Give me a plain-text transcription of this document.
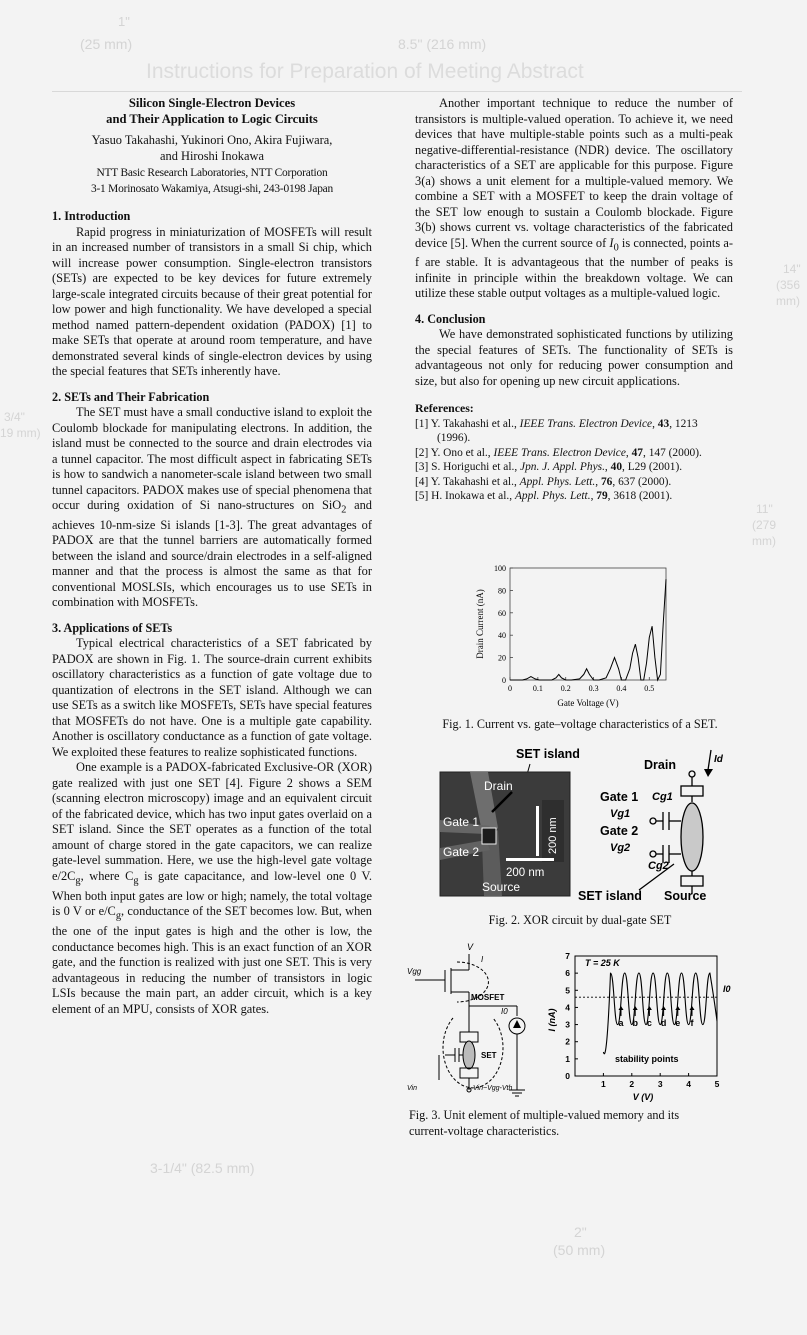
1"
(25 mm)	8.5" (216 mm)
Instructions for Preparation of Meeting Abstract
14"
(356
mm)
3/4"
19 mm)
11"
(279
mm)
3-1/4" (82.5 mm)
2"
(50 mm)
Silicon Single-Electron Devices
and Their Application to Logic Circuits

Yasuo Takahashi, Yukinori Ono, Akira Fujiwara,

and Hiroshi Inokawa

NTT Basic Research Laboratories, NTT Corporation

3-1 Morinosato Wakamiya, Atsugi-shi, 243-0198 Japan

1. Introduction

Rapid progress in miniaturization of MOSFETs will result in an increased number of transistors in a small Si chip, which will increase power consumption. Single-electron transistors (SETs) are expected to be key devices for future extremely large-scale integrated circuits because of their great potential for low power and high functionality. We have developed a special method named pattern-dependent oxidation (PADOX) [1] to make SETs that operate at around room temperature, and have demonstrated several kinds of single-electron devices by using the special features that SETs inherently have.

2. SETs and Their Fabrication

The SET must have a small conductive island to exploit the Coulomb blockade for manipulating electrons. In addition, the island must be connected to the source and drain electrodes via a tunnel capacitor. The most difficult aspect in fabricating SETs is how to sandwich a nanometer-scale island between two small tunnel capacitors. PADOX makes use of special phenomena that occur during oxidation of Si nano-structures on SiO$_2$ and achieves 10-nm-size Si islands [1-3]. The great advantages of PADOX are that the tunnel barriers are automatically formed between the island and source/drain electrodes in a self-aligned manner and that the process is almost the same as that for conventional MOSLSIs, which encourages us to use SETs in combination with MOSFETs.

3. Applications of SETs

Typical electrical characteristics of a SET fabricated by PADOX are shown in Fig. 1. The source-drain current exhibits oscillatory characteristics as a function of gate voltage due to quantization of electrons in the SET island. Although we can use SETs as a switch like MOSFETs, SETs have special features that MOSFETs do not have. One is a multiple gate capability. Another is oscillatory conductance as a function of gate voltage. We exploited these features to realize sophisticated functions.

One example is a PADOX-fabricated Exclusive-OR (XOR) gate realized with just one SET [4]. Figure 2 shows a SEM (scanning electron microscopy) image and an equivalent circuit of the fabricated device, which has two input gates overlaid on a SET island. Since the SET operates as a function of the total amount of charge stored in the gate capacitors, we can realize gate-level summation. Here, we use the high-level gate voltage $e/2C_g$, where $C_g$ is gate capacitance, and low-level one 0 V. When both input gates are low or high; namely, the total voltage is 0 V or $e/C_g$, conductance of the SET becomes low. But, when the one of the input gates is high and the other is low, the conductance becomes high. This is an exact function of an XOR gate, and the function is realized with just one SET. This is very advantageous in reducing the number of transistors in logic LSIs because the main part, an adder circuit, which is a key element of an MPU, consists of XOR gates.

Another important technique to reduce the number of transistors is multiple-valued operation. To achieve it, we need devices that have multiple-stable points such as a multi-peak negative-differential-resistance (NDR) device. The oscillatory characteristics of a SET are applicable for this purpose. Figure 3(a) shows a unit element for a multiple-valued memory. We combine a SET with a MOSFET to keep the drain voltage of the SET low enough to sustain a Coulomb blockade. Figure 3(b) shows current vs. voltage characteristics of the fabricated device [5]. When the current source of $I_0$ is connected, points a-f are stable. It is advantageous that the number of peaks is infinite in principle within the breakdown voltage. We can utilize these stable output voltages as a multiple-valued logic.

4. Conclusion

We have demonstrated sophisticated functions by utilizing the special features of SETs. The functionality of SETs is advantageous not only for reducing power consumption and size, but also for opening up new circuit applications.

References:
[1] Y. Takahashi et al., IEEE Trans. Electron Device, 43, 1213 (1996).
[2] Y. Ono et al., IEEE Trans. Electron Device, 47, 147 (2000).
[3] S. Horiguchi et al., Jpn. J. Appl. Phys., 40, L29 (2001).
[4] Y. Takahashi et al., Appl. Phys. Lett., 76, 637 (2000).
[5] H. Inokawa et al., Appl. Phys. Lett., 79, 3618 (2001).
0
20
40
60
80
100
0	0.1 0.2 0.3 0.4 0.5
Gate Voltage (V)
Drain Current (nA)
Fig. 1. Current vs. gate–voltage characteristics of a SET.
SET island
Drain
Gate 1
Gate 2
200 nm
200 nm
Source
Drain	Id
Gate 1
Vg1
Cg1
Gate 2
Vg2
Cg2
SET island Source
Fig. 2. XOR circuit by dual-gate SET
V
Vgg
I
MOSFET
I0
SET
Vin	Vin~Vgg-Vth
0
1
2
3
4
5
6
7
1	2	3	4	5
a b c d e f
T = 25 K
stability points
I0
V (V)
I (nA)
Fig. 3. Unit element of multiple-valued memory and its
current-voltage characteristics.
